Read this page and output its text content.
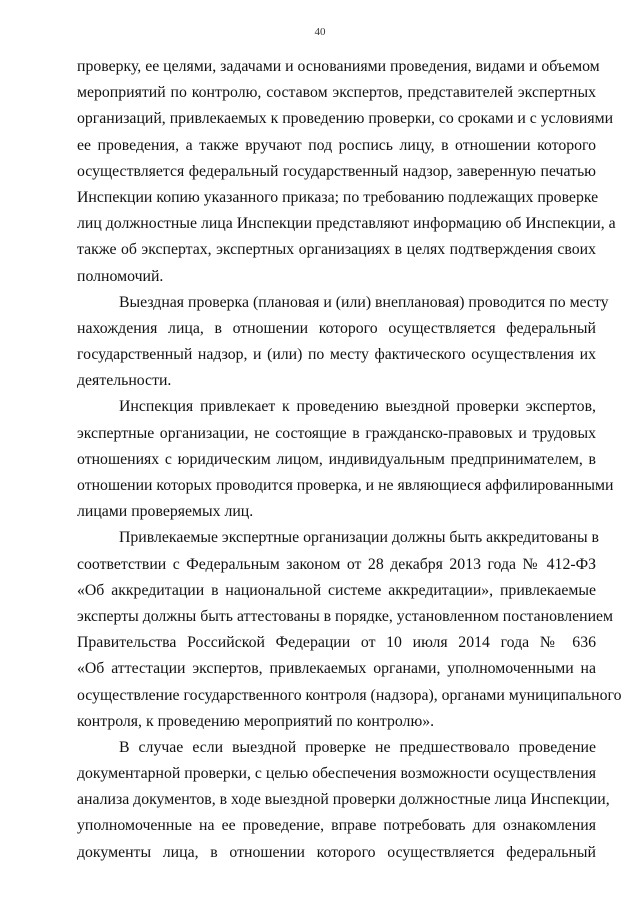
40
проверку, ее целями, задачами и основаниями проведения, видами и объемом
мероприятий по контролю, составом экспертов, представителей экспертных
организаций, привлекаемых к проведению проверки, со сроками и с условиями
ее проведения, а также вручают под роспись лицу, в отношении которого
осуществляется федеральный государственный надзор, заверенную печатью
Инспекции копию указанного приказа; по требованию подлежащих проверке
лиц должностные лица Инспекции представляют информацию об Инспекции, а
также об экспертах, экспертных организациях в целях подтверждения своих
полномочий.
Выездная проверка (плановая и (или) внеплановая) проводится по месту
нахождения лица, в отношении которого осуществляется федеральный
государственный надзор, и (или) по месту фактического осуществления их
деятельности.
Инспекция привлекает к проведению выездной проверки экспертов,
экспертные организации, не состоящие в гражданско-правовых и трудовых
отношениях с юридическим лицом, индивидуальным предпринимателем, в
отношении которых проводится проверка, и не являющиеся аффилированными
лицами проверяемых лиц.
Привлекаемые экспертные организации должны быть аккредитованы в
соответствии с Федеральным законом от 28 декабря 2013 года № 412-ФЗ
«Об аккредитации в национальной системе аккредитации», привлекаемые
эксперты должны быть аттестованы в порядке, установленном постановлением
Правительства Российской Федерации от 10 июля 2014 года № 636
«Об аттестации экспертов, привлекаемых органами, уполномоченными на
осуществление государственного контроля (надзора), органами муниципального
контроля, к проведению мероприятий по контролю».
В случае если выездной проверке не предшествовало проведение
документарной проверки, с целью обеспечения возможности осуществления
анализа документов, в ходе выездной проверки должностные лица Инспекции,
уполномоченные на ее проведение, вправе потребовать для ознакомления
документы лица, в отношении которого осуществляется федеральный
